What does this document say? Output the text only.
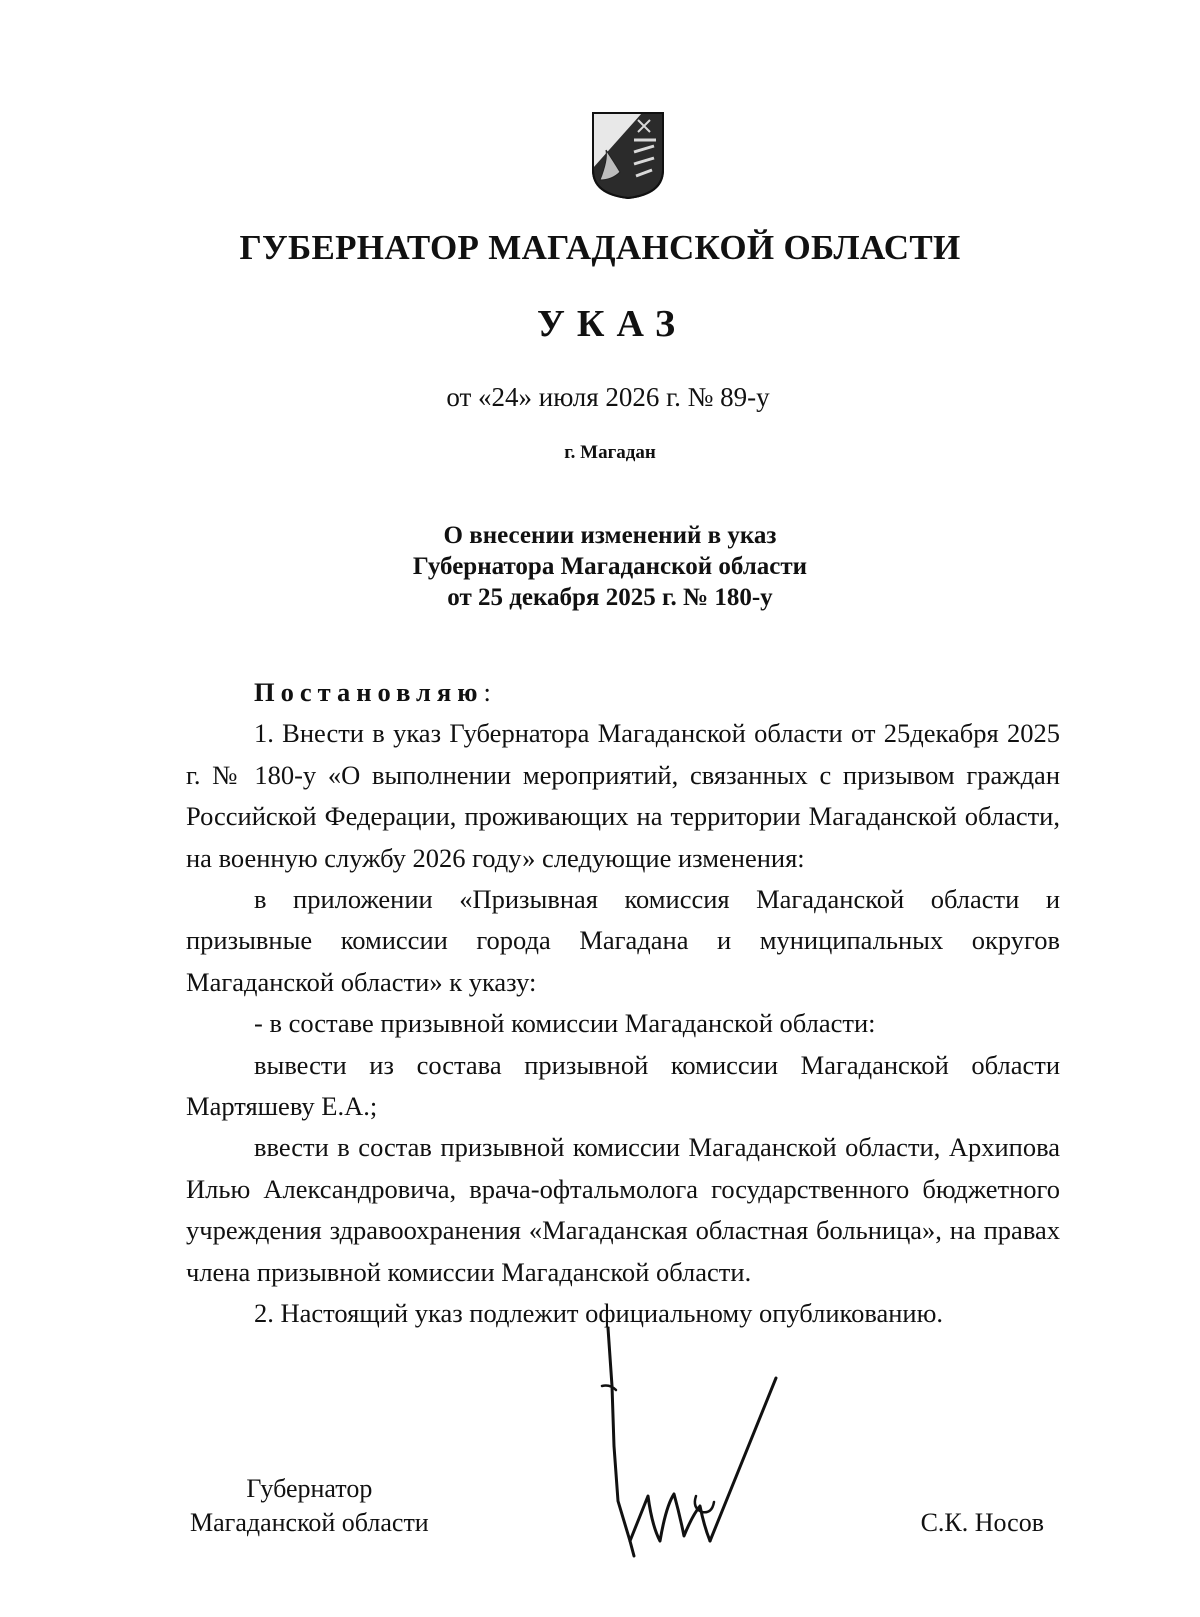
ГУБЕРНАТОР МАГАДАНСКОЙ ОБЛАСТИ
УКАЗ
от «24» июля 2026 г. № 89-у
г. Магадан
О внесении изменений в указ
Губернатора Магаданской области
от 25 декабря 2025 г. № 180-у

Постановляю:

1. Внести в указ Губернатора Магаданской области от 25декабря 2025 г. № 180-у «О выполнении мероприятий, связанных с призывом граждан Российской Федерации, проживающих на территории Магаданской области, на военную службу 2026 году» следующие изменения:

в приложении «Призывная комиссия Магаданской области и призывные комиссии города Магадана и муниципальных округов Магаданской области» к указу:

- в составе призывной комиссии Магаданской области:

вывести из состава призывной комиссии Магаданской области Мартяшеву Е.А.;

ввести в состав призывной комиссии Магаданской области, Архипова Илью Александровича, врача-офтальмолога государственного бюджетного учреждения здравоохранения «Магаданская областная больница», на правах члена призывной комиссии Магаданской области.

2. Настоящий указ подлежит официальному опубликованию.

Губернатор
Магаданской области	С.К. Носов
